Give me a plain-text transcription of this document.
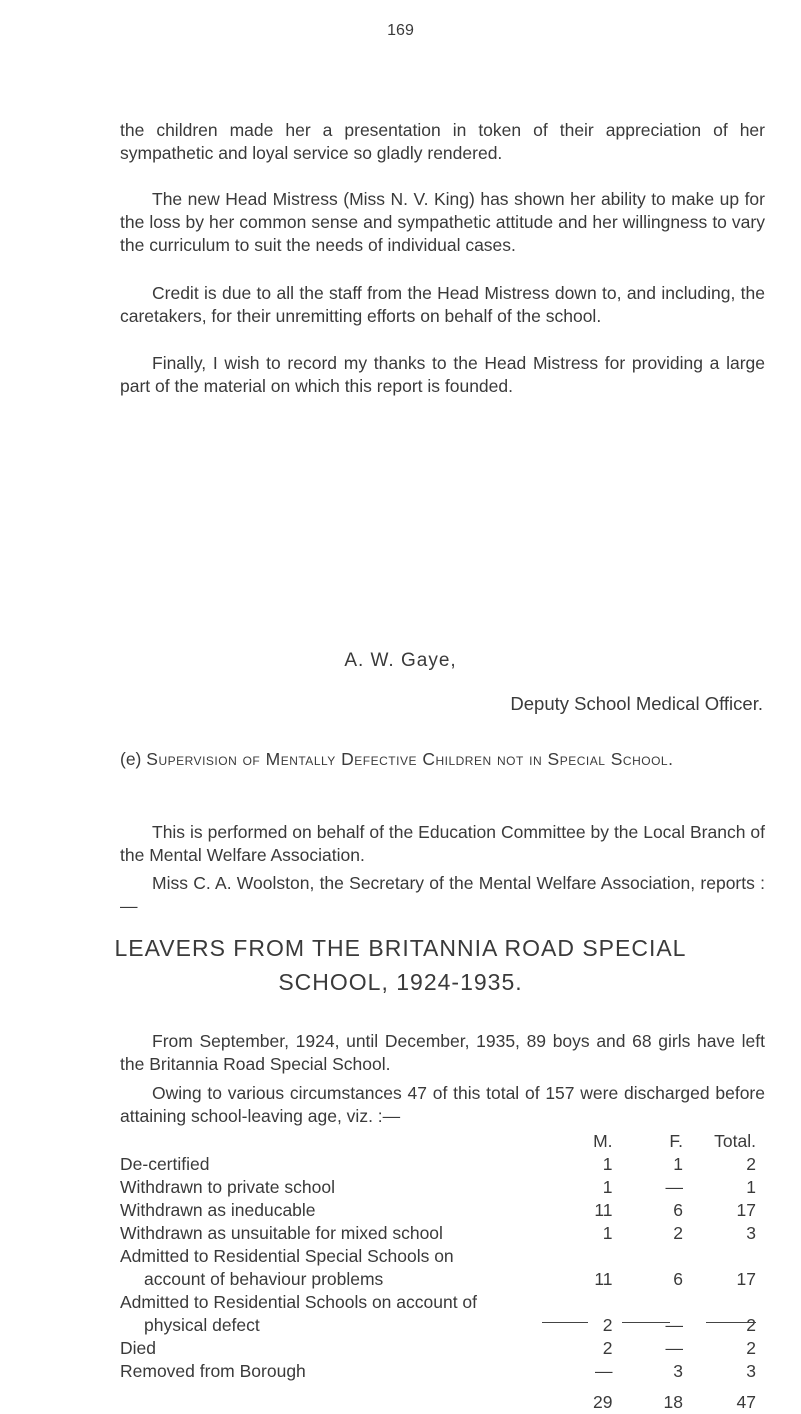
169

the children made her a presentation in token of their appreciation of her sympathetic and loyal service so gladly rendered.

The new Head Mistress (Miss N. V. King) has shown her ability to make up for the loss by her common sense and sympathetic attitude and her willingness to vary the curriculum to suit the needs of individual cases.

Credit is due to all the staff from the Head Mistress down to, and including, the caretakers, for their unremitting efforts on behalf of the school.

Finally, I wish to record my thanks to the Head Mistress for providing a large part of the material on which this report is founded.

A. W. Gaye,
Deputy School Medical Officer.

(e) Supervision of Mentally Defective Children not in Special School.

This is performed on behalf of the Education Committee by the Local Branch of the Mental Welfare Association.

Miss C. A. Woolston, the Secretary of the Mental Welfare Association, reports :—

LEAVERS FROM THE BRITANNIA ROAD SPECIAL
SCHOOL, 1924-1935.

From September, 1924, until December, 1935, 89 boys and 68 girls have left the Britannia Road Special School.

Owing to various circumstances 47 of this total of 157 were discharged before attaining school-leaving age, viz. :—

	M.	F.	Total.
De-certified	1	1	2
Withdrawn to private school	1	—	1
Withdrawn as ineducable	11	6	17
Withdrawn as unsuitable for mixed school	1	2	3
Admitted to Residential Special Schools on			
account of behaviour problems	11	6	17
Admitted to Residential Schools on account of			
physical defect	2	—	2
Died	2	—	2
Removed from Borough	—	3	3
	29	18	47
